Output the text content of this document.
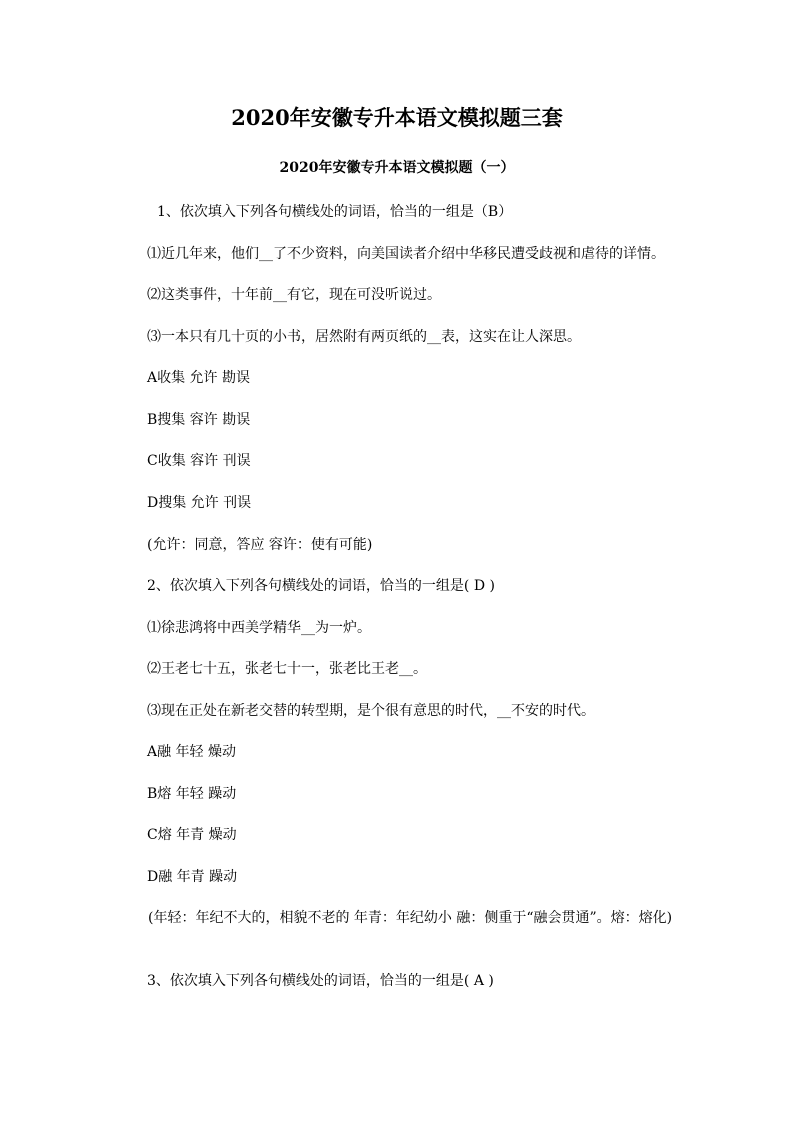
2020年安徽专升本语文模拟题三套
2020年安徽专升本语文模拟题（一）
1、依次填入下列各句横线处的词语，恰当的一组是（B）
⑴近几年来，他们__了不少资料，向美国读者介绍中华移民遭受歧视和虐待的详情。
⑵这类事件，十年前__有它，现在可没听说过。
⑶一本只有几十页的小书，居然附有两页纸的__表，这实在让人深思。
A收集 允许 勘误
B搜集 容许 勘误
C收集 容许 刊误
D搜集 允许 刊误
(允许：同意，答应 容许：使有可能)
2、依次填入下列各句横线处的词语，恰当的一组是( D )
⑴徐悲鸿将中西美学精华__为一炉。
⑵王老七十五，张老七十一，张老比王老__。
⑶现在正处在新老交替的转型期，是个很有意思的时代，__不安的时代。
A融 年轻 燥动
B熔 年轻 躁动
C熔 年青 燥动
D融 年青 躁动
(年轻：年纪不大的，相貌不老的 年青：年纪幼小 融：侧重于“融会贯通”。熔：熔化)
3、依次填入下列各句横线处的词语，恰当的一组是( A )
